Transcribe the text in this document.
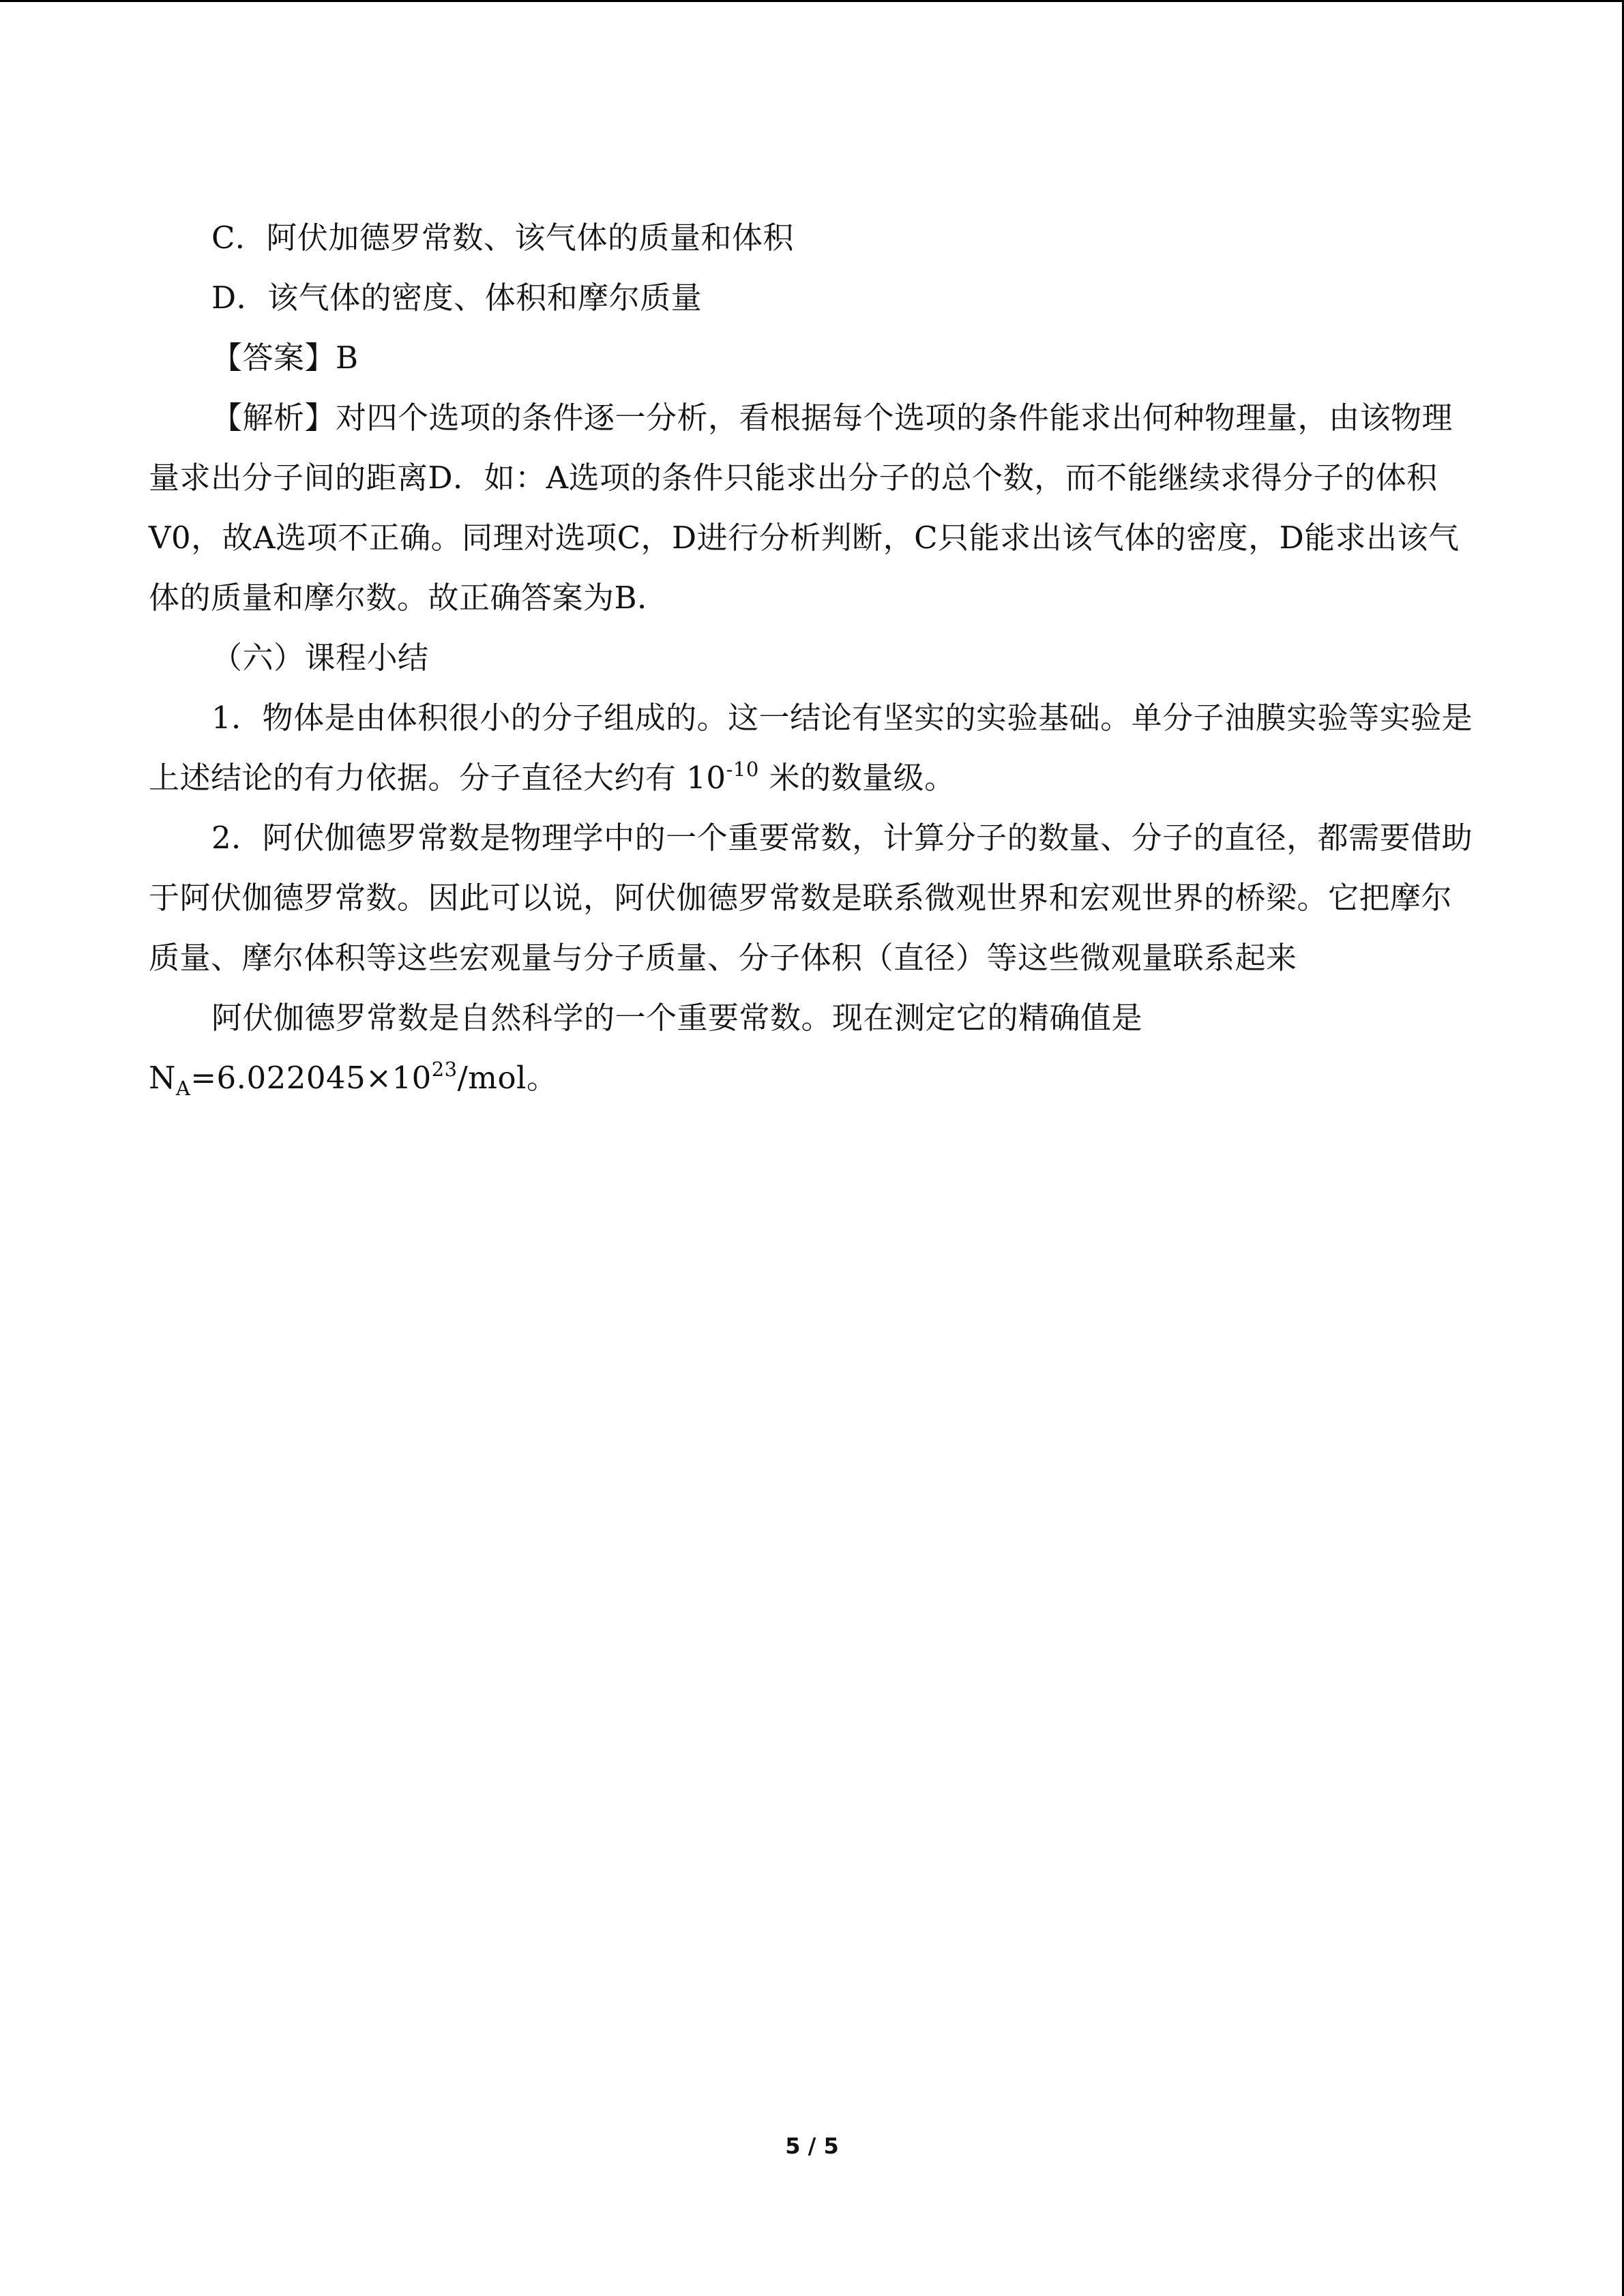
C．阿伏加德罗常数、该气体的质量和体积

D．该气体的密度、体积和摩尔质量

【答案】B

【解析】对四个选项的条件逐一分析，看根据每个选项的条件能求出何种物理量，由该物理量求出分子间的距离D．如：A选项的条件只能求出分子的总个数，而不能继续求得分子的体积V0，故A选项不正确。同理对选项C，D进行分析判断，C只能求出该气体的密度，D能求出该气体的质量和摩尔数。故正确答案为B．

（六）课程小结

1．物体是由体积很小的分子组成的。这一结论有坚实的实验基础。单分子油膜实验等实验是上述结论的有力依据。分子直径大约有 $10^{-10}$ 米的数量级。

2．阿伏伽德罗常数是物理学中的一个重要常数，计算分子的数量、分子的直径，都需要借助于阿伏伽德罗常数。因此可以说，阿伏伽德罗常数是联系微观世界和宏观世界的桥梁。它把摩尔质量、摩尔体积等这些宏观量与分子质量、分子体积（直径）等这些微观量联系起来

阿伏伽德罗常数是自然科学的一个重要常数。现在测定它的精确值是 $N_A=6.022045\times 10^{23}$/mol。

5 / 5
